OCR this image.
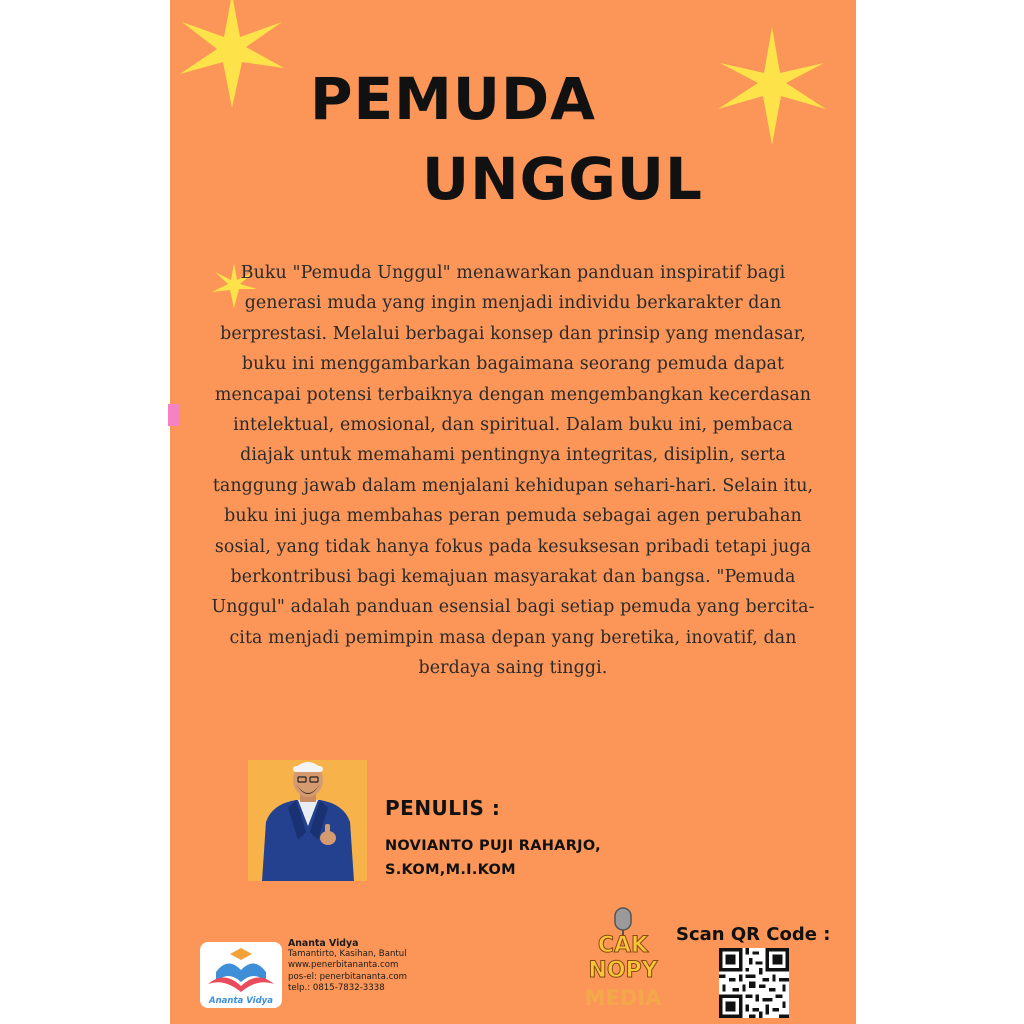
PEMUDA
UNGGUL

Buku "Pemuda Unggul" menawarkan panduan inspiratif bagi generasi muda yang ingin menjadi individu berkarakter dan berprestasi. Melalui berbagai konsep dan prinsip yang mendasar, buku ini menggambarkan bagaimana seorang pemuda dapat mencapai potensi terbaiknya dengan mengembangkan kecerdasan intelektual, emosional, dan spiritual. Dalam buku ini, pembaca diajak untuk memahami pentingnya integritas, disiplin, serta tanggung jawab dalam menjalani kehidupan sehari-hari. Selain itu, buku ini juga membahas peran pemuda sebagai agen perubahan sosial, yang tidak hanya fokus pada kesuksesan pribadi tetapi juga berkontribusi bagi kemajuan masyarakat dan bangsa. "Pemuda Unggul" adalah panduan esensial bagi setiap pemuda yang bercita-cita menjadi pemimpin masa depan yang beretika, inovatif, dan berdaya saing tinggi.

PENULIS :
NOVIANTO PUJI RAHARJO,
S.KOM,M.I.KOM
Ananta Vidya
Ananta Vidya
Tamantirto, Kasihan, Bantul
www.penerbitananta.com
pos-el: penerbitananta.com
telp.: 0815-7832-3338
CAK
NOPY
MEDIA
Scan QR Code :
